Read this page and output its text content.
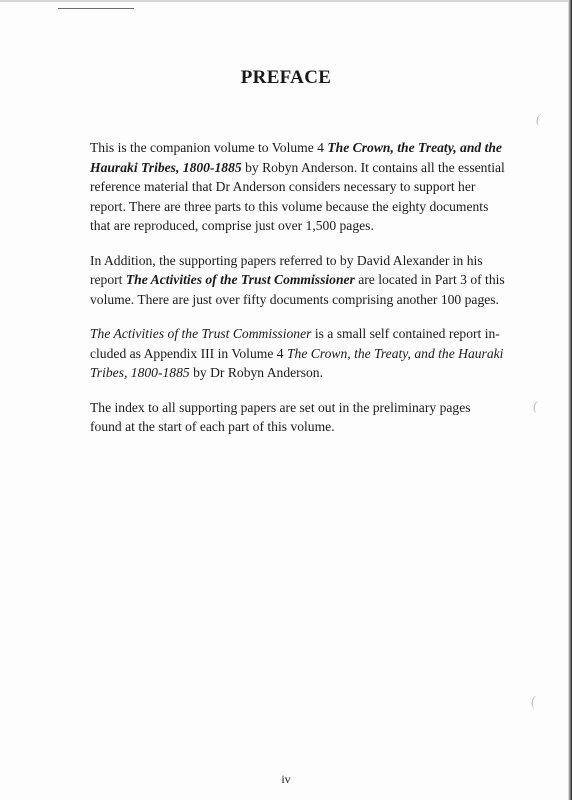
(
(
(
PREFACE

This is the companion volume to Volume 4 The Crown, the Treaty, and the
Hauraki Tribes, 1800-1885 by Robyn Anderson. It contains all the essential
reference material that Dr Anderson considers necessary to support her
report. There are three parts to this volume because the eighty documents
that are reproduced, comprise just over 1,500 pages.

In Addition, the supporting papers referred to by David Alexander in his
report The Activities of the Trust Commissioner are located in Part 3 of this
volume. There are just over fifty documents comprising another 100 pages.

The Activities of the Trust Commissioner is a small self contained report in-
cluded as Appendix III in Volume 4 The Crown, the Treaty, and the Hauraki
Tribes, 1800-1885 by Dr Robyn Anderson.

The index to all supporting papers are set out in the preliminary pages
found at the start of each part of this volume.

iv
